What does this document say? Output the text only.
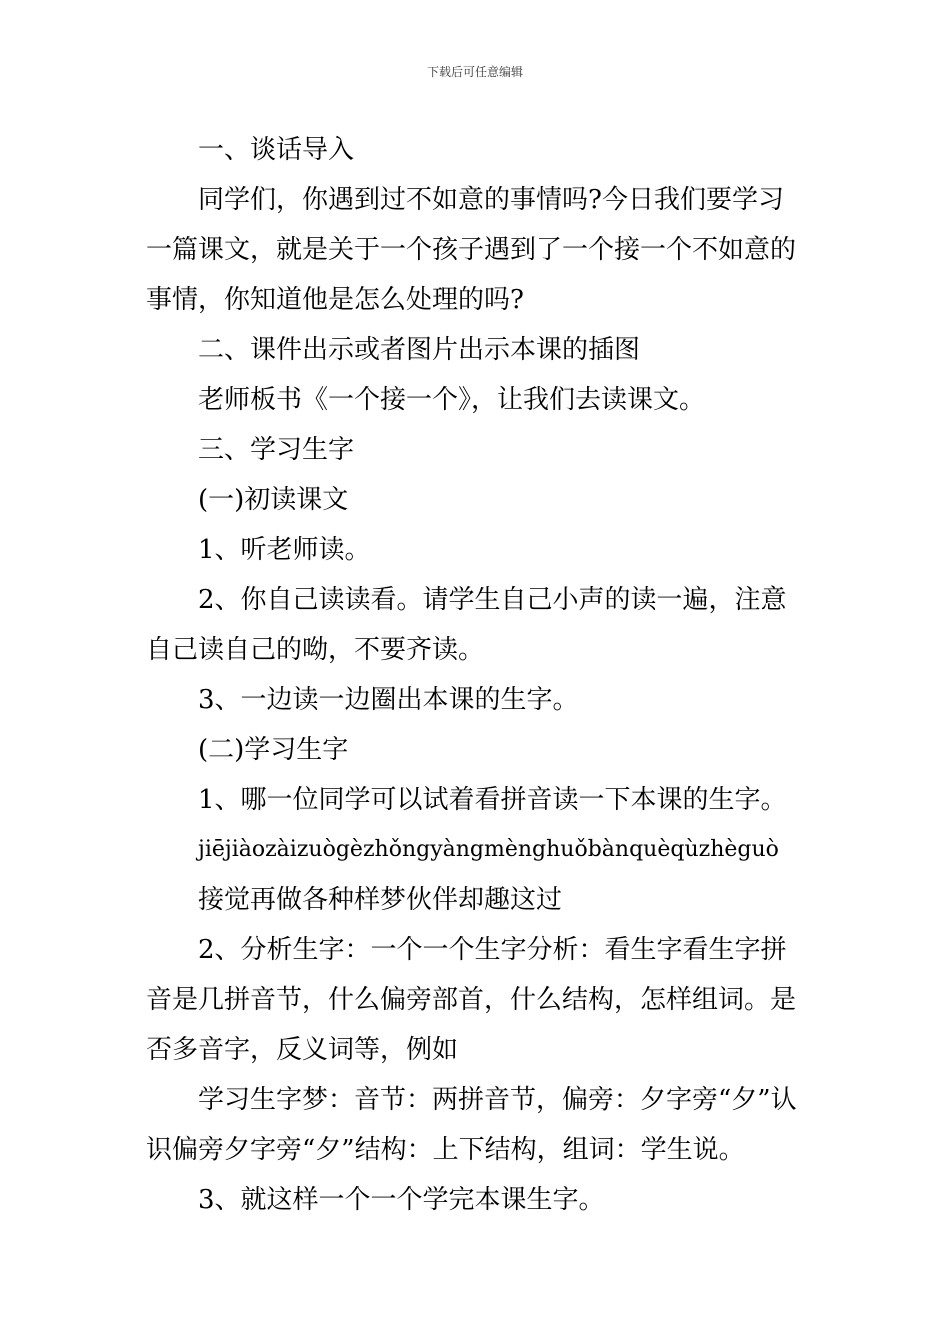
下载后可任意编辑

一、谈话导入

同学们，你遇到过不如意的事情吗?今日我们要学习一篇课文，就是关于一个孩子遇到了一个接一个不如意的事情，你知道他是怎么处理的吗?

二、课件出示或者图片出示本课的插图

老师板书《一个接一个》，让我们去读课文。

三、学习生字

(一)初读课文

1、听老师读。

2、你自己读读看。请学生自己小声的读一遍，注意自己读自己的呦，不要齐读。

3、一边读一边圈出本课的生字。

(二)学习生字

1、哪一位同学可以试着看拼音读一下本课的生字。

jiējiàozàizuògèzhǒngyàngmènghuǒbànquèqùzhèguò

接觉再做各种样梦伙伴却趣这过

2、分析生字：一个一个生字分析：看生字看生字拼音是几拼音节，什么偏旁部首，什么结构，怎样组词。是否多音字，反义词等，例如

学习生字梦：音节：两拼音节，偏旁：夕字旁“夕”认识偏旁夕字旁“夕”结构：上下结构，组词：学生说。

3、就这样一个一个学完本课生字。
